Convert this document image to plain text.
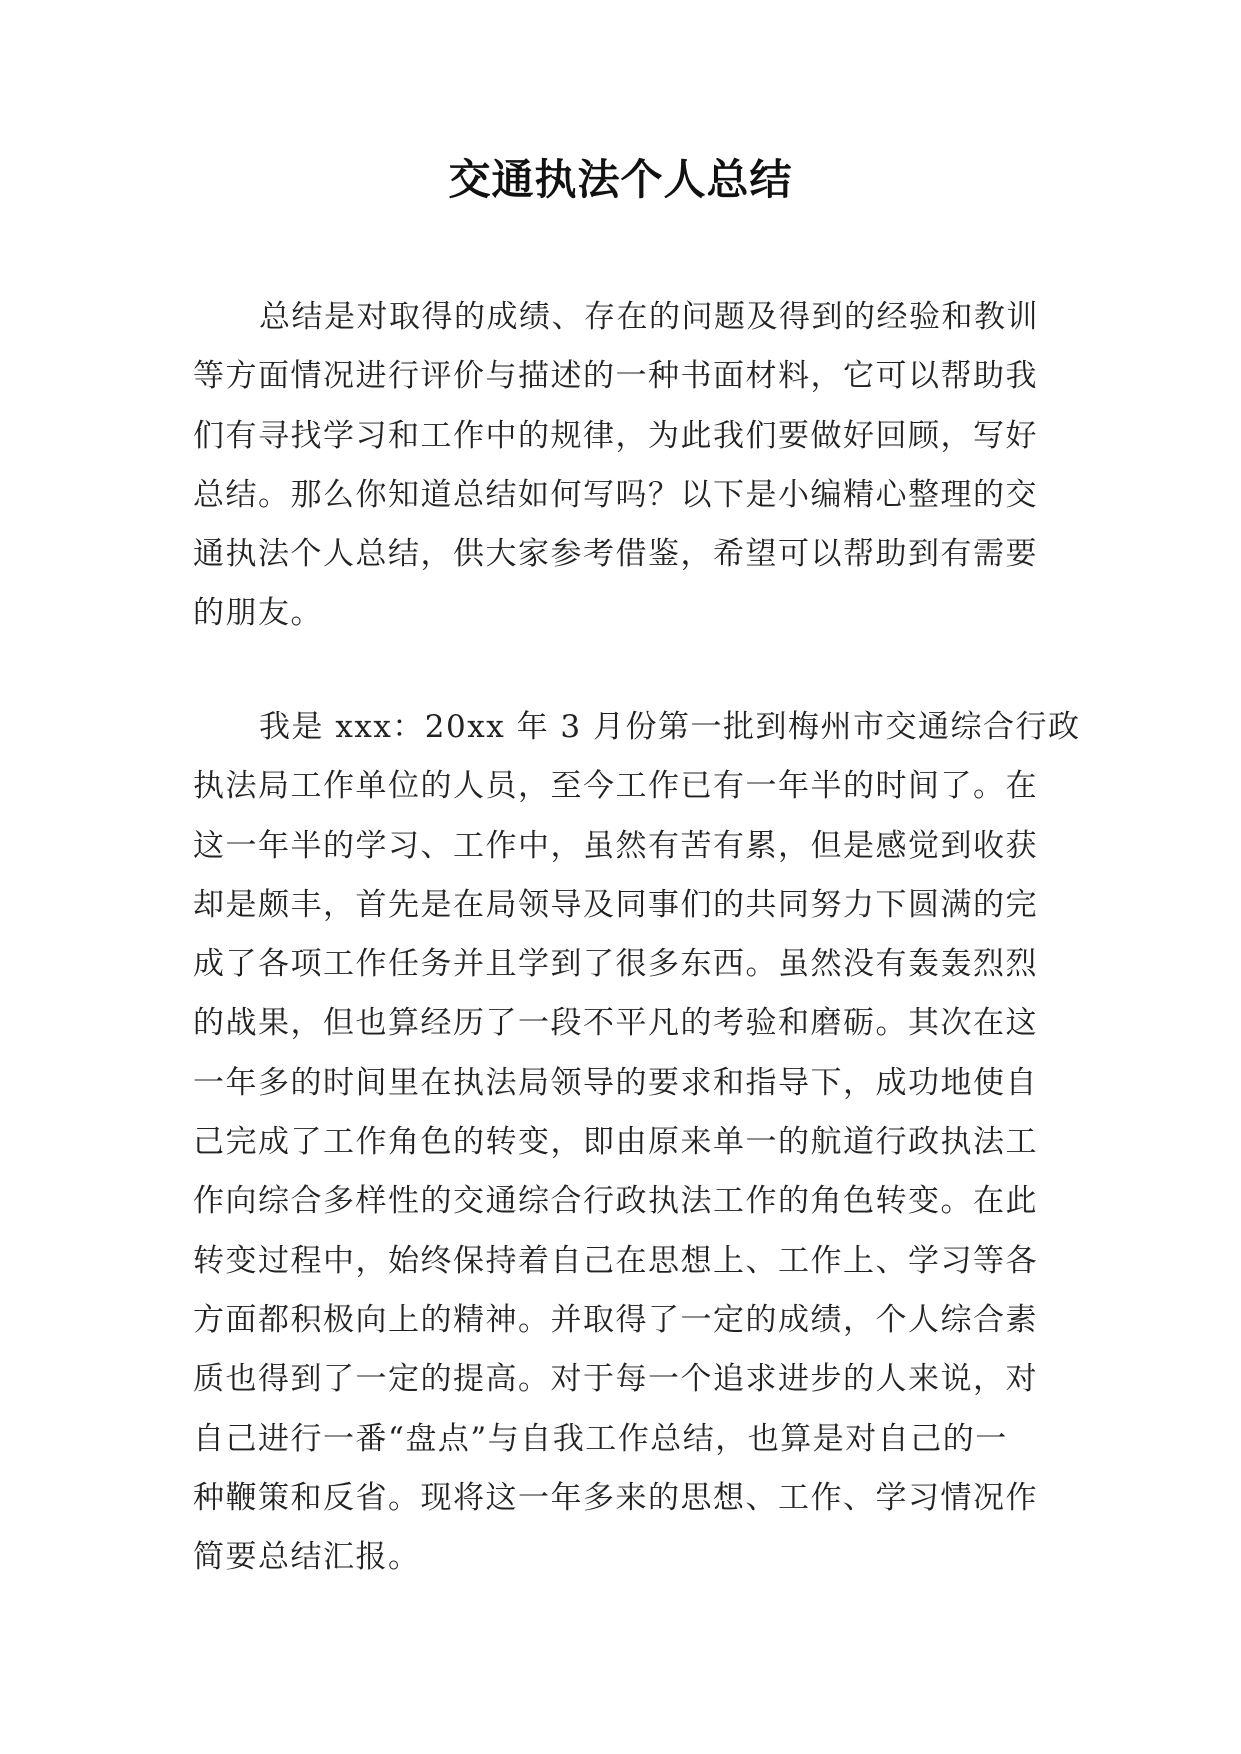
交通执法个人总结
总结是对取得的成绩、存在的问题及得到的经验和教训
等方面情况进行评价与描述的一种书面材料，它可以帮助我
们有寻找学习和工作中的规律，为此我们要做好回顾，写好
总结。那么你知道总结如何写吗？以下是小编精心整理的交
通执法个人总结，供大家参考借鉴，希望可以帮助到有需要
的朋友。
我是 xxx：20xx 年 3 月份第一批到梅州市交通综合行政
执法局工作单位的人员，至今工作已有一年半的时间了。在
这一年半的学习、工作中，虽然有苦有累，但是感觉到收获
却是颇丰，首先是在局领导及同事们的共同努力下圆满的完
成了各项工作任务并且学到了很多东西。虽然没有轰轰烈烈
的战果，但也算经历了一段不平凡的考验和磨砺。其次在这
一年多的时间里在执法局领导的要求和指导下，成功地使自
己完成了工作角色的转变，即由原来单一的航道行政执法工
作向综合多样性的交通综合行政执法工作的角色转变。在此
转变过程中，始终保持着自己在思想上、工作上、学习等各
方面都积极向上的精神。并取得了一定的成绩，个人综合素
质也得到了一定的提高。对于每一个追求进步的人来说，对
自己进行一番“盘点”与自我工作总结，也算是对自己的一
种鞭策和反省。现将这一年多来的思想、工作、学习情况作
简要总结汇报。
